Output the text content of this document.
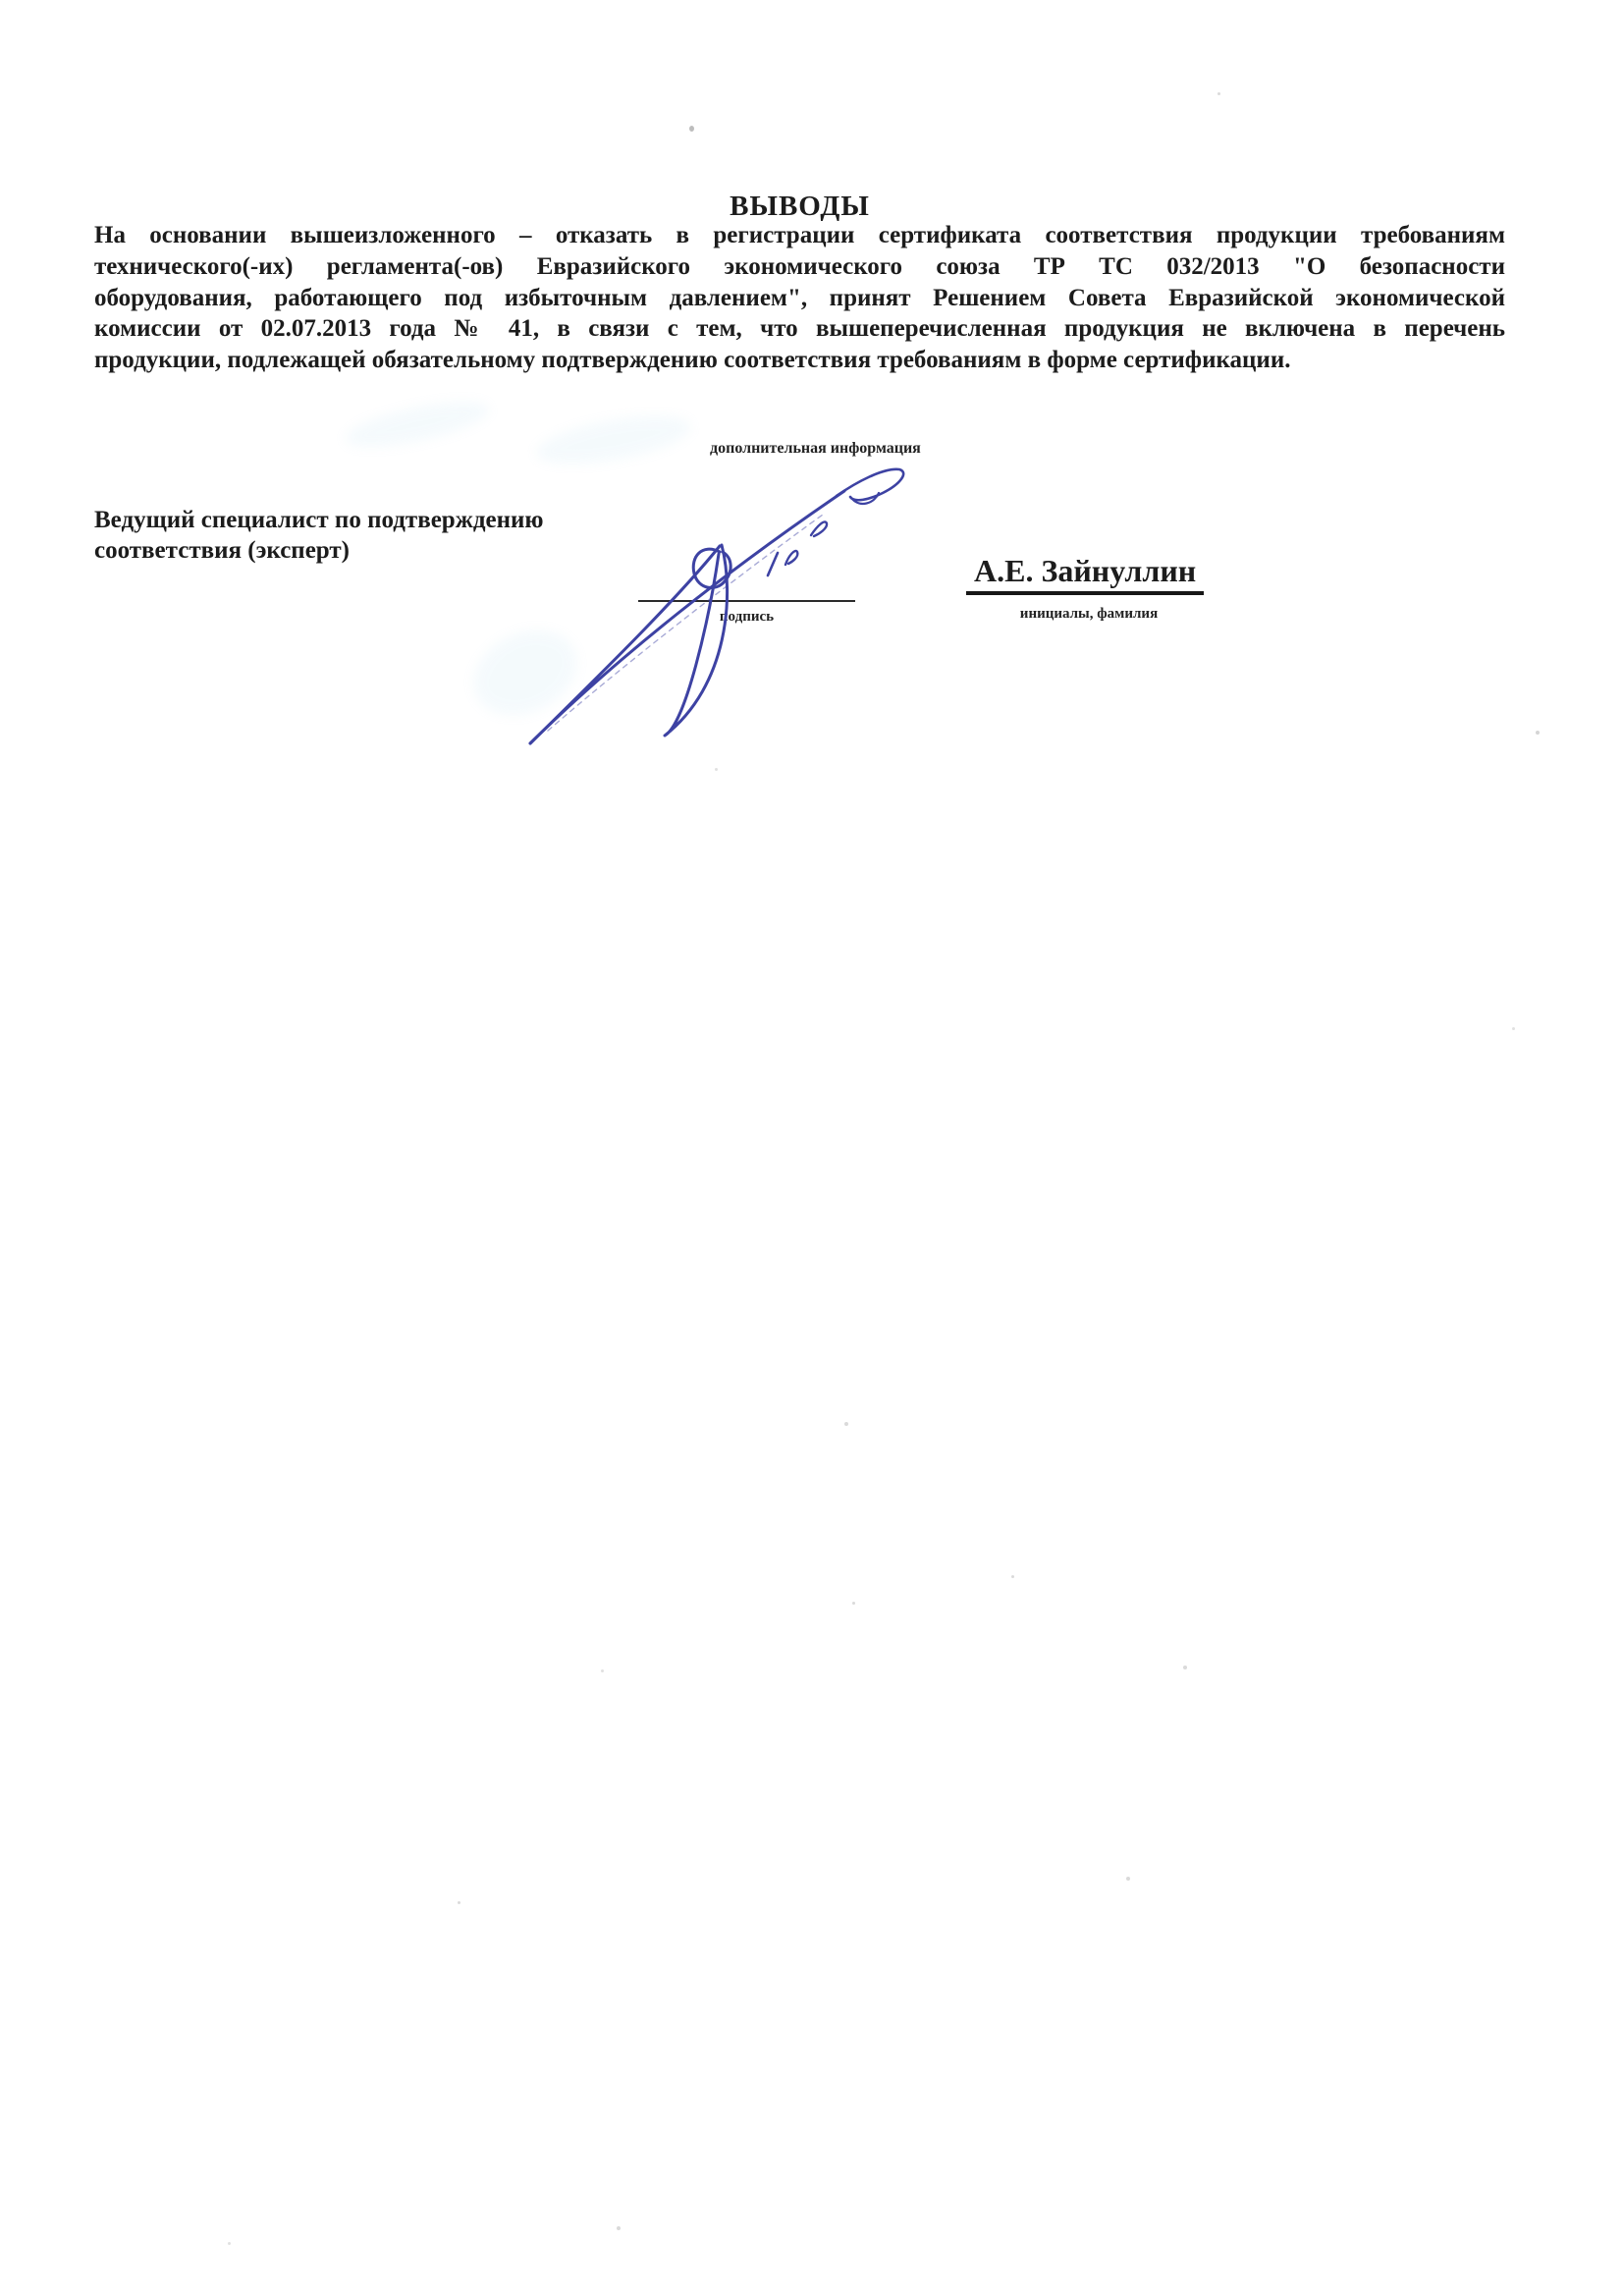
ВЫВОДЫ
На основании вышеизложенного – отказать в регистрации сертификата соответствия продукции требованиям
технического(-их) регламента(-ов) Евразийского экономического союза ТР ТС 032/2013 "О безопасности
оборудования, работающего под избыточным давлением", принят Решением Совета Евразийской экономической
комиссии от 02.07.2013 года № 41, в связи с тем, что вышеперечисленная продукция не включена в перечень
продукции, подлежащей обязательному подтверждению соответствия требованиям в форме сертификации.
дополнительная информация
Ведущий специалист по подтверждению
соответствия (эксперт)
подпись
А.Е. Зайнуллин
инициалы, фамилия
